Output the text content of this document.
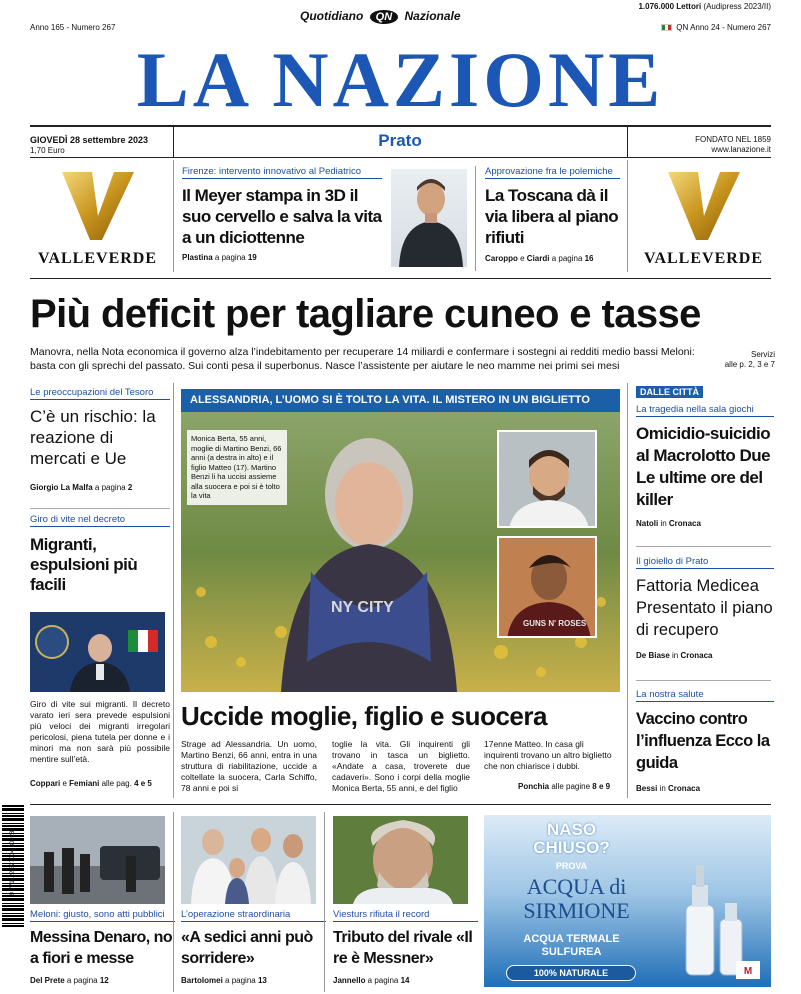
Anno 165 - Numero 267
Quotidiano QN Nazionale
1.076.000 Lettori (Audipress 2023/II)
QN Anno 24 - Numero 267
LA NAZIONE
GIOVEDÌ 28 settembre 2023
1,70 Euro
Prato	FONDATO NEL 1859
www.lanazione.it
VALLEVERDE	VALLEVERDE
Firenze: intervento innovativo al Pediatrico
Il Meyer stampa in 3D il suo cervello e salva la vita a un diciottenne
Plastina a pagina 19
Approvazione fra le polemiche
La Toscana dà il via libera al piano rifiuti
Caroppo e Ciardi a pagina 16
Più deficit per tagliare cuneo e tasse
Manovra, nella Nota economica il governo alza l’indebitamento per recuperare 14 miliardi e confermare i sostegni ai redditi medio bassi Meloni: basta con gli sprechi del passato. Sui conti pesa il superbonus. Nasce l’assistente per aiutare le neo mamme nei primi sei mesi
Servizi
alle p. 2, 3 e 7
Le preoccupazioni del Tesoro
C’è un rischio: la reazione di mercati e Ue
Giorgio La Malfa a pagina 2
Giro di vite nel decreto
Migranti, espulsioni più facili
Giro di vite sui migranti. Il decreto varato ieri sera prevede espulsioni più veloci dei migranti irregolari pericolosi, piena tutela per donne e i minori ma non sarà più possibile mentire sull’età.
Coppari e Femiani alle pag. 4 e 5
ALESSANDRIA, L’UOMO SI È TOLTO LA VITA. IL MISTERO IN UN BIGLIETTO
NY CITY
Monica Berta, 55 anni, moglie di Martino Benzi, 66 anni (a destra in alto) e il figlio Matteo (17). Martino Benzi li ha uccisi assieme alla suocera e poi si è tolto la vita
GUNS N' ROSES
Uccide moglie, figlio e suocera
Strage ad Alessandria. Un uomo, Martino Benzi, 66 anni, entra in una struttura di riabilitazione, uccide a coltellate la suocera, Carla Schiffo, 78 anni e poi si
toglie la vita. Gli inquirenti gli trovano in tasca un biglietto. «Andate a casa, troverete due cadaveri». Sono i corpi della moglie Monica Berta, 55 anni, e del figlio
17enne Matteo. In casa gli inquirenti trovano un altro biglietto che non chiarisce i dubbi.
Ponchia alle pagine 8 e 9
DALLE CITTÀ
La tragedia nella sala giochi
Omicidio-suicidio al Macrolotto Due Le ultime ore del killer
Natoli in Cronaca
Il gioiello di Prato
Fattoria Medicea Presentato il piano di recupero
De Biase in Cronaca
La nostra salute
Vaccino contro l’influenza Ecco la guida
Bessi in Cronaca
9 771122 827004 30928
Meloni: giusto, sono atti pubblici
Messina Denaro, no a fiori e messe
Del Prete a pagina 12
L’operazione straordinaria
«A sedici anni può sorridere»
Bartolomei a pagina 13
Viesturs rifiuta il record
Tributo del rivale «Il re è Messner»
Jannello a pagina 14
NASO
CHIUSO?
PROVA
ACQUA di
SIRMIONE
ACQUA TERMALE
SULFUREA
100% NATURALE	M
